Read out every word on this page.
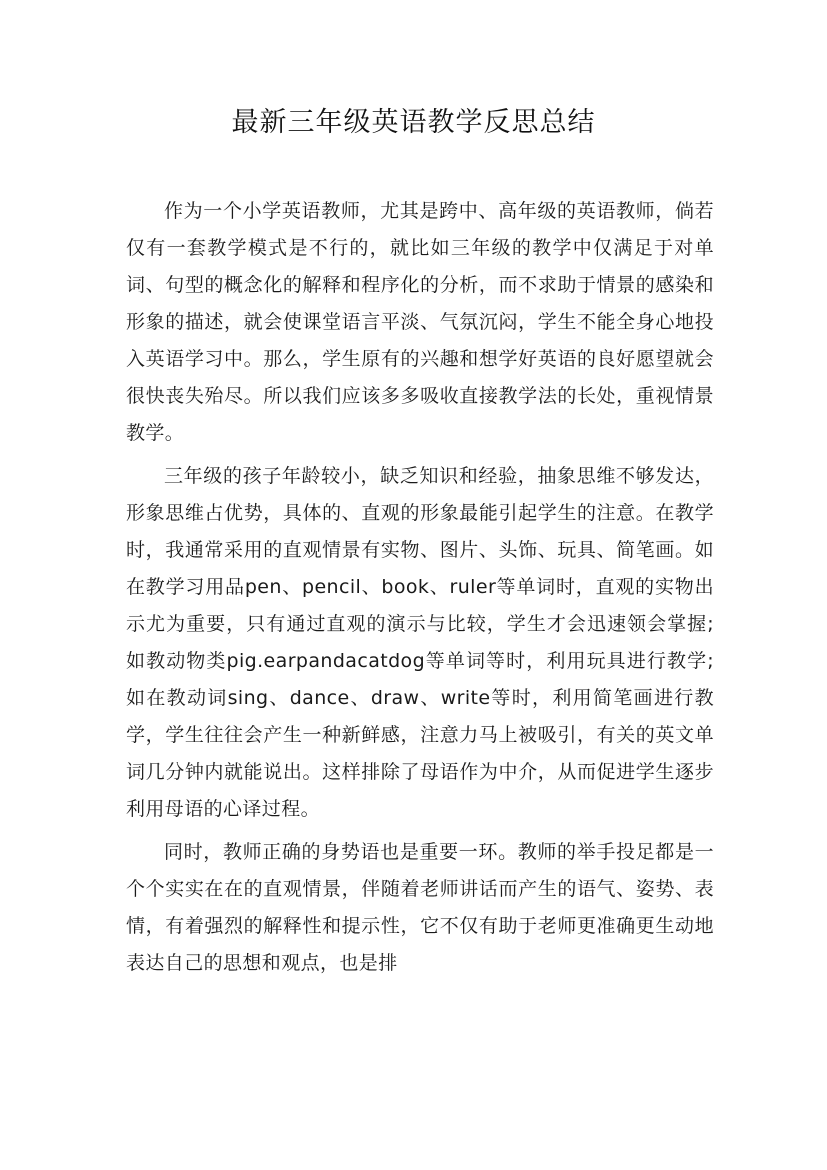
最新三年级英语教学反思总结

作为一个小学英语教师，尤其是跨中、高年级的英语教师，倘若仅有一套教学模式是不行的，就比如三年级的教学中仅满足于对单词、句型的概念化的解释和程序化的分析，而不求助于情景的感染和形象的描述，就会使课堂语言平淡、气氛沉闷，学生不能全身心地投入英语学习中。那么，学生原有的兴趣和想学好英语的良好愿望就会很快丧失殆尽。所以我们应该多多吸收直接教学法的长处，重视情景教学。

三年级的孩子年龄较小，缺乏知识和经验，抽象思维不够发达，形象思维占优势，具体的、直观的形象最能引起学生的注意。在教学时，我通常采用的直观情景有实物、图片、头饰、玩具、简笔画。如在教学习用品pen、pencil、book、ruler等单词时，直观的实物出示尤为重要，只有通过直观的演示与比较，学生才会迅速领会掌握;如教动物类pig.earpandacatdog等单词等时，利用玩具进行教学;如在教动词sing、dance、draw、write等时，利用简笔画进行教学，学生往往会产生一种新鲜感，注意力马上被吸引，有关的英文单词几分钟内就能说出。这样排除了母语作为中介，从而促进学生逐步利用母语的心译过程。

同时，教师正确的身势语也是重要一环。教师的举手投足都是一个个实实在在的直观情景，伴随着老师讲话而产生的语气、姿势、表情，有着强烈的解释性和提示性，它不仅有助于老师更准确更生动地表达自己的思想和观点，也是排
